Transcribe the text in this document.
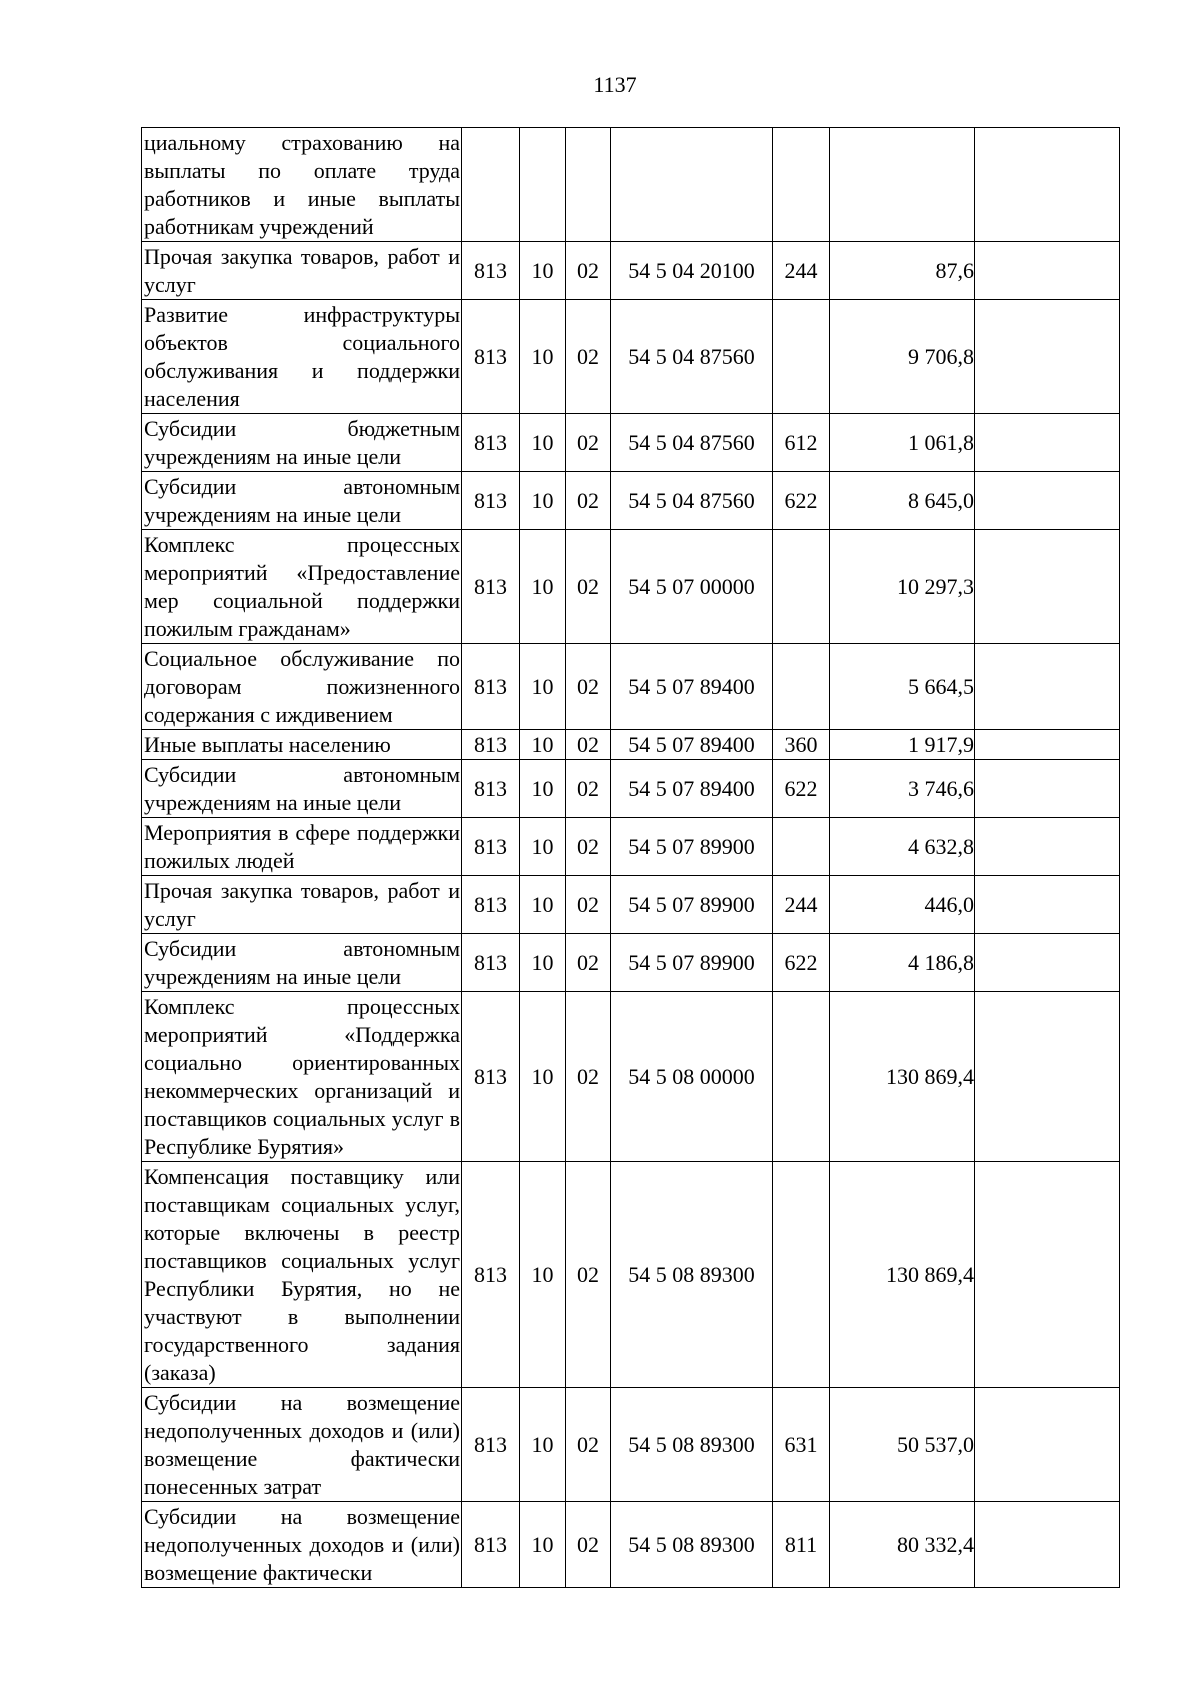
1137
циальному страхованию на выплаты по оплате труда работников и иные выплаты работникам учреждений							
Прочая закупка товаров, работ и услуг	813	10	02	54 5 04 20100	244	87,6	
Развитие инфраструктуры объектов социального обслуживания и поддержки населения	813	10	02	54 5 04 87560		9 706,8	
Субсидии бюджетным учреждениям на иные цели	813	10	02	54 5 04 87560	612	1 061,8	
Субсидии автономным учреждениям на иные цели	813	10	02	54 5 04 87560	622	8 645,0	
Комплекс процессных мероприятий «Предоставление мер социальной поддержки пожилым гражданам»	813	10	02	54 5 07 00000		10 297,3	
Социальное обслуживание по договорам пожизненного содержания с иждивением	813	10	02	54 5 07 89400		5 664,5	
Иные выплаты населению	813	10	02	54 5 07 89400	360	1 917,9	
Субсидии автономным учреждениям на иные цели	813	10	02	54 5 07 89400	622	3 746,6	
Мероприятия в сфере поддержки пожилых людей	813	10	02	54 5 07 89900		4 632,8	
Прочая закупка товаров, работ и услуг	813	10	02	54 5 07 89900	244	446,0	
Субсидии автономным учреждениям на иные цели	813	10	02	54 5 07 89900	622	4 186,8	
Комплекс процессных мероприятий «Поддержка социально ориентированных некоммерческих организаций и поставщиков социальных услуг в Республике Бурятия»	813	10	02	54 5 08 00000		130 869,4	
Компенсация поставщику или поставщикам социальных услуг, которые включены в реестр поставщиков социальных услуг Республики Бурятия, но не участвуют в выполнении государственного задания (заказа)	813	10	02	54 5 08 89300		130 869,4	
Субсидии на возмещение недополученных доходов и (или) возмещение фактически понесенных затрат	813	10	02	54 5 08 89300	631	50 537,0	
Субсидии на возмещение недополученных доходов и (или) возмещение фактически	813	10	02	54 5 08 89300	811	80 332,4	
